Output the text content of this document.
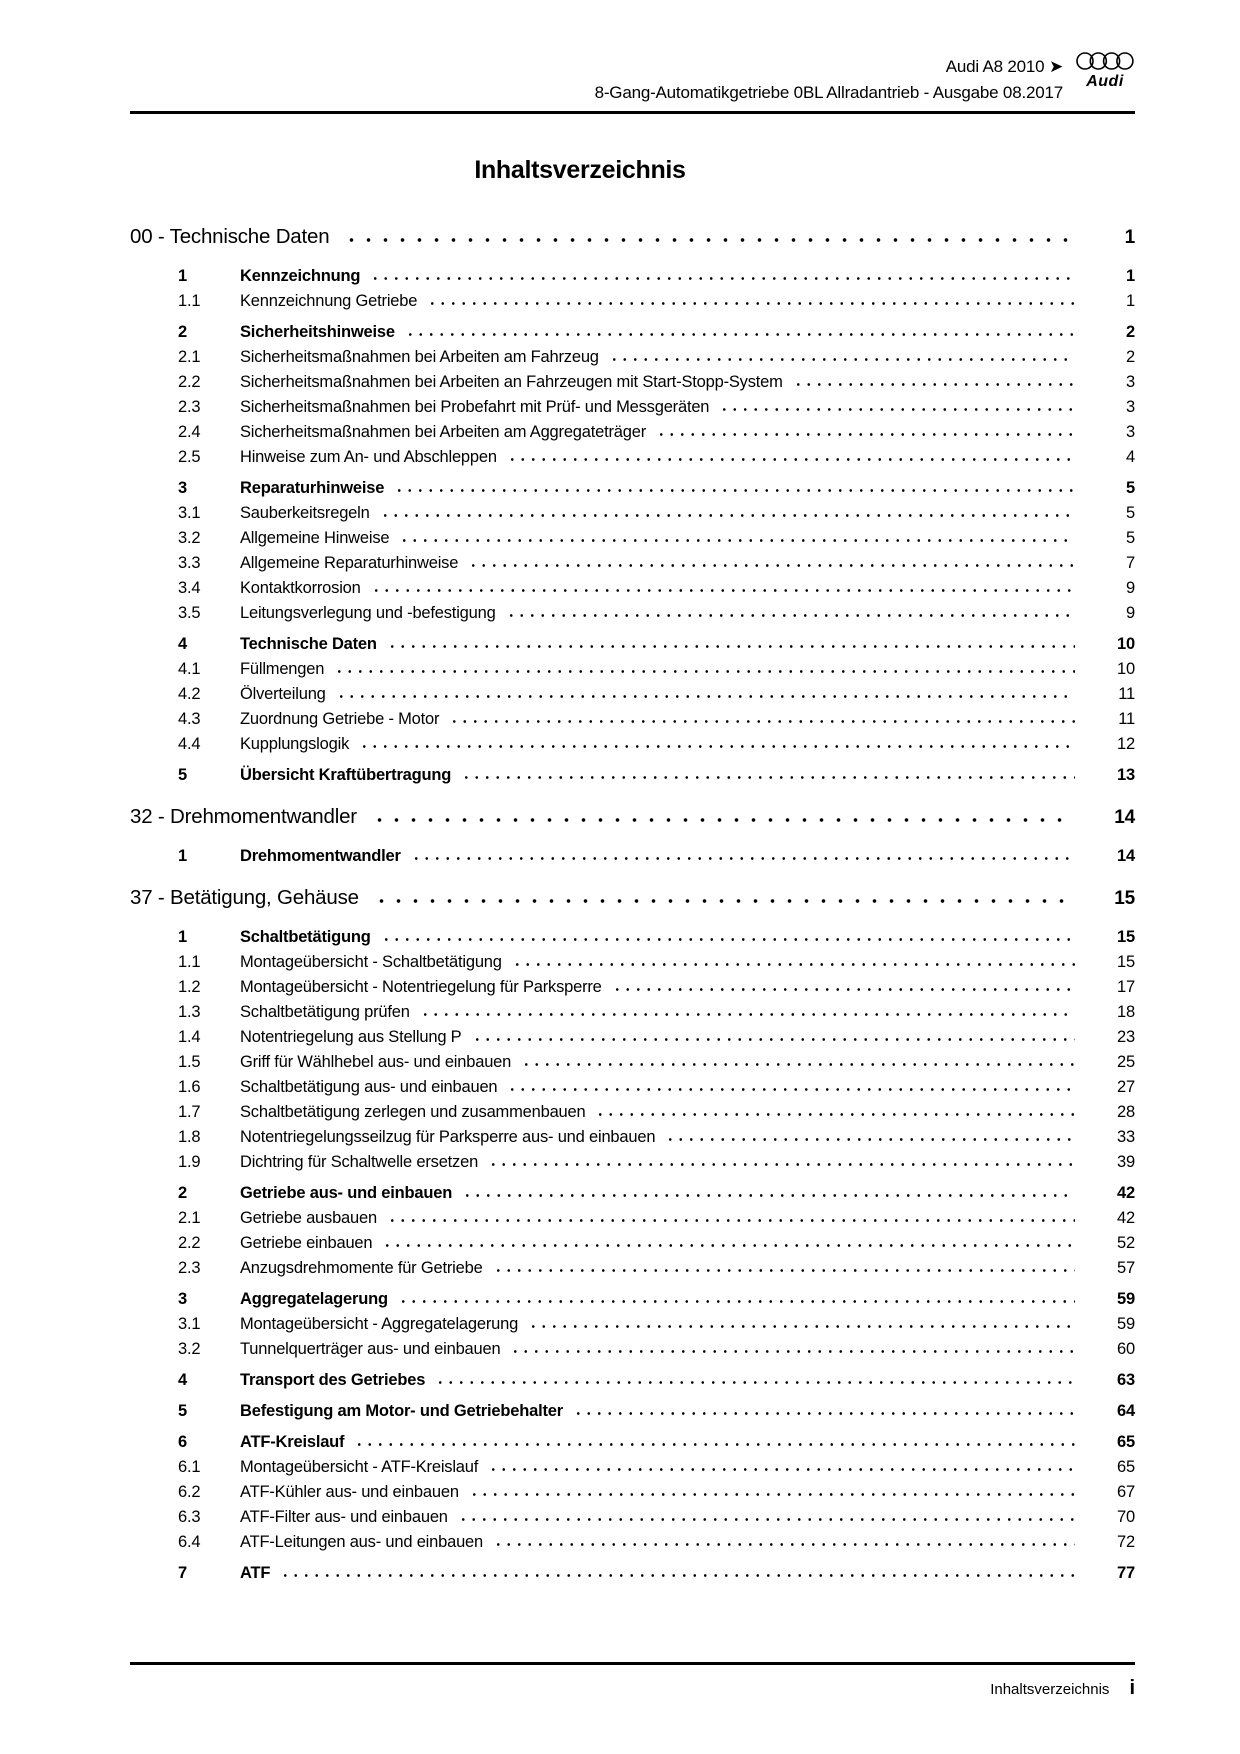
Audi A8 2010 ➤
8-Gang-Automatikgetriebe 0BL Allradantrieb - Ausgabe 08.2017
Audi
Inhaltsverzeichnis
00 - Technische Daten	1
1	Kennzeichnung	1
1.1	Kennzeichnung Getriebe	1
2	Sicherheitshinweise	2
2.1	Sicherheitsmaßnahmen bei Arbeiten am Fahrzeug	2
2.2	Sicherheitsmaßnahmen bei Arbeiten an Fahrzeugen mit Start-Stopp-System	3
2.3	Sicherheitsmaßnahmen bei Probefahrt mit Prüf- und Messgeräten	3
2.4	Sicherheitsmaßnahmen bei Arbeiten am Aggregateträger	3
2.5	Hinweise zum An- und Abschleppen	4
3	Reparaturhinweise	5
3.1	Sauberkeitsregeln	5
3.2	Allgemeine Hinweise	5
3.3	Allgemeine Reparaturhinweise	7
3.4	Kontaktkorrosion	9
3.5	Leitungsverlegung und -befestigung	9
4	Technische Daten	10
4.1	Füllmengen	10
4.2	Ölverteilung	11
4.3	Zuordnung Getriebe - Motor	11
4.4	Kupplungslogik	12
5	Übersicht Kraftübertragung	13
32 - Drehmomentwandler	14
1	Drehmomentwandler	14
37 - Betätigung, Gehäuse	15
1	Schaltbetätigung	15
1.1	Montageübersicht - Schaltbetätigung	15
1.2	Montageübersicht - Notentriegelung für Parksperre	17
1.3	Schaltbetätigung prüfen	18
1.4	Notentriegelung aus Stellung P	23
1.5	Griff für Wählhebel aus- und einbauen	25
1.6	Schaltbetätigung aus- und einbauen	27
1.7	Schaltbetätigung zerlegen und zusammenbauen	28
1.8	Notentriegelungsseilzug für Parksperre aus- und einbauen	33
1.9	Dichtring für Schaltwelle ersetzen	39
2	Getriebe aus- und einbauen	42
2.1	Getriebe ausbauen	42
2.2	Getriebe einbauen	52
2.3	Anzugsdrehmomente für Getriebe	57
3	Aggregatelagerung	59
3.1	Montageübersicht - Aggregatelagerung	59
3.2	Tunnelquerträger aus- und einbauen	60
4	Transport des Getriebes	63
5	Befestigung am Motor- und Getriebehalter	64
6	ATF-Kreislauf	65
6.1	Montageübersicht - ATF-Kreislauf	65
6.2	ATF-Kühler aus- und einbauen	67
6.3	ATF-Filter aus- und einbauen	70
6.4	ATF-Leitungen aus- und einbauen	72
7	ATF	77
Inhaltsverzeichnis i
